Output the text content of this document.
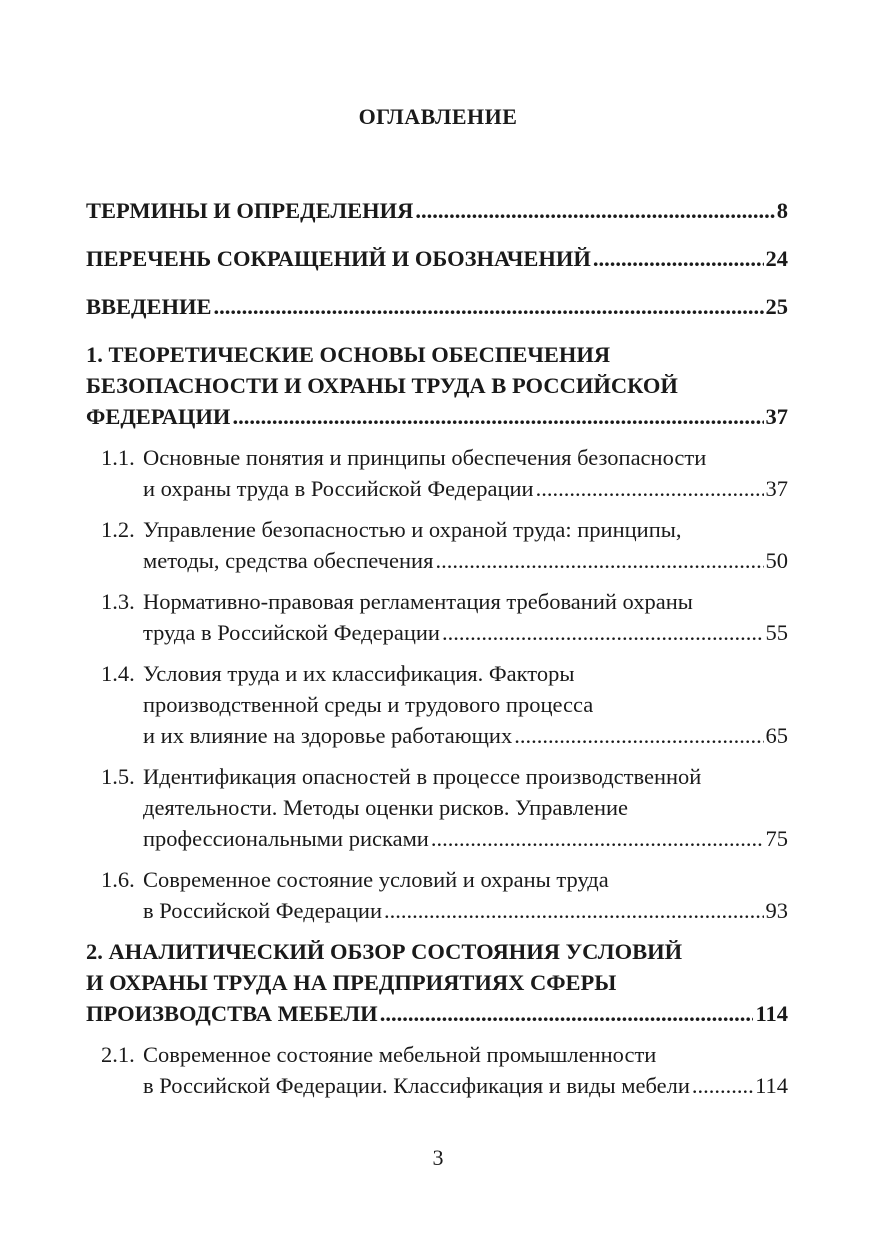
ОГЛАВЛЕНИЕ
ТЕРМИНЫ И ОПРЕДЕЛЕНИЯ .....	8
ПЕРЕЧЕНЬ СОКРАЩЕНИЙ И ОБОЗНАЧЕНИЙ .....	24
ВВЕДЕНИЕ .....	25
1. ТЕОРЕТИЧЕСКИЕ ОСНОВЫ ОБЕСПЕЧЕНИЯ
БЕЗОПАСНОСТИ И ОХРАНЫ ТРУДА В РОССИЙСКОЙ
ФЕДЕРАЦИИ .....	37
1.1. Основные понятия и принципы обеспечения безопасности
и охраны труда в Российской Федерации .....	37
1.2. Управление безопасностью и охраной труда: принципы,
методы, средства обеспечения .....	50
1.3. Нормативно-правовая регламентация требований охраны
труда в Российской Федерации .....	55
1.4. Условия труда и их классификация. Факторы
производственной среды и трудового процесса
и их влияние на здоровье работающих .....	65
1.5. Идентификация опасностей в процессе производственной
деятельности. Методы оценки рисков. Управление
профессиональными рисками .....	75
1.6. Современное состояние условий и охраны труда
в Российской Федерации .....	93
2. АНАЛИТИЧЕСКИЙ ОБЗОР СОСТОЯНИЯ УСЛОВИЙ
И ОХРАНЫ ТРУДА НА ПРЕДПРИЯТИЯХ СФЕРЫ
ПРОИЗВОДСТВА МЕБЕЛИ .....	114
2.1. Современное состояние мебельной промышленности
в Российской Федерации. Классификация и виды мебели .....	114
3
